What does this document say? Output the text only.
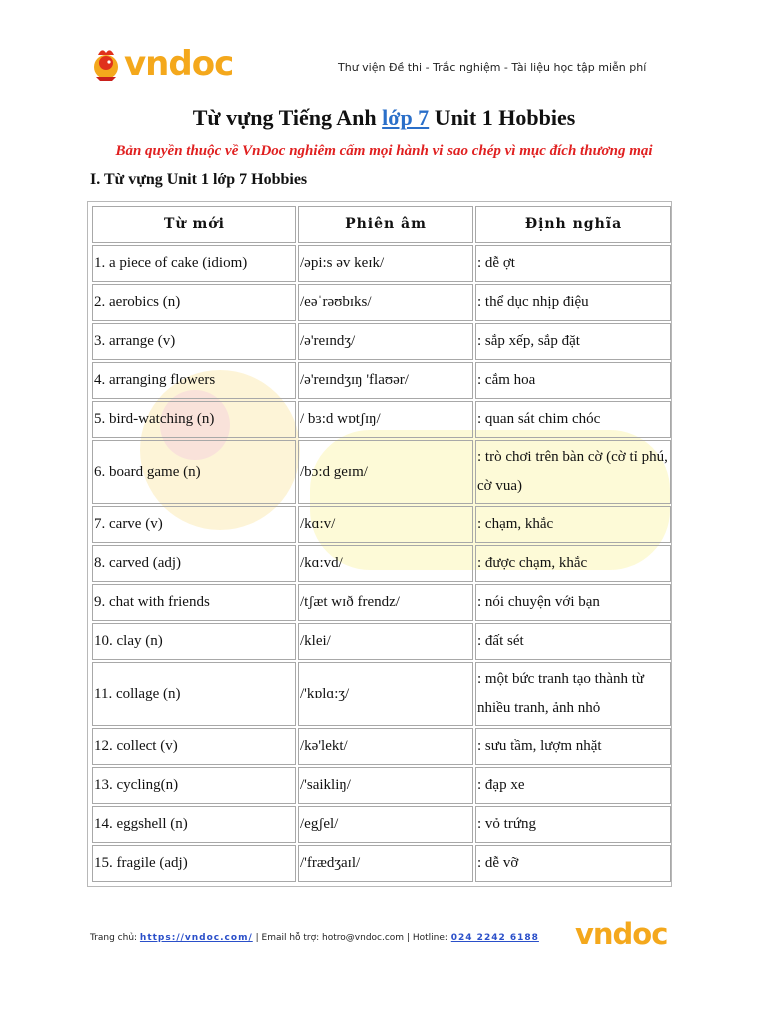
vndoc	Thư viện Đề thi - Trắc nghiệm - Tài liệu học tập miễn phí
Từ vựng Tiếng Anh lớp 7 Unit 1 Hobbies
Bản quyền thuộc về VnDoc nghiêm cấm mọi hành vi sao chép vì mục đích thương mại
I. Từ vựng Unit 1 lớp 7 Hobbies
Từ mới	Phiên âm	Định nghĩa
1. a piece of cake (idiom)	/əpi:s əv keɪk/	: dễ ợt
2. aerobics (n)	/eəˈrəʊbɪks/	: thể dục nhịp điệu
3. arrange (v)	/ə'reɪndʒ/	: sắp xếp, sắp đặt
4. arranging flowers	/ə'reɪndʒɪŋ 'flaʊər/	: cắm hoa
5. bird-watching (n)	/ bɜ:d wɒtʃɪŋ/	: quan sát chim chóc
6. board game (n)	/bɔ:d geɪm/	: trò chơi trên bàn cờ (cờ tỉ phú, cờ vua)
7. carve (v)	/kɑ:v/	: chạm, khắc
8. carved (adj)	/kɑ:vd/	: được chạm, khắc
9. chat with friends	/tʃæt wɪð frendz/	: nói chuyện với bạn
10. clay (n)	/klei/	: đất sét
11. collage (n)	/'kɒlɑ:ʒ/	: một bức tranh tạo thành từ nhiều tranh, ảnh nhỏ
12. collect (v)	/kə'lekt/	: sưu tầm, lượm nhặt
13. cycling(n)	/'saikliŋ/	: đạp xe
14. eggshell (n)	/egʃel/	: vỏ trứng
15. fragile (adj)	/'frædʒaɪl/	: dễ vỡ
Trang chủ: https://vndoc.com/ | Email hỗ trợ: hotro@vndoc.com | Hotline: 024 2242 6188 vndoc
